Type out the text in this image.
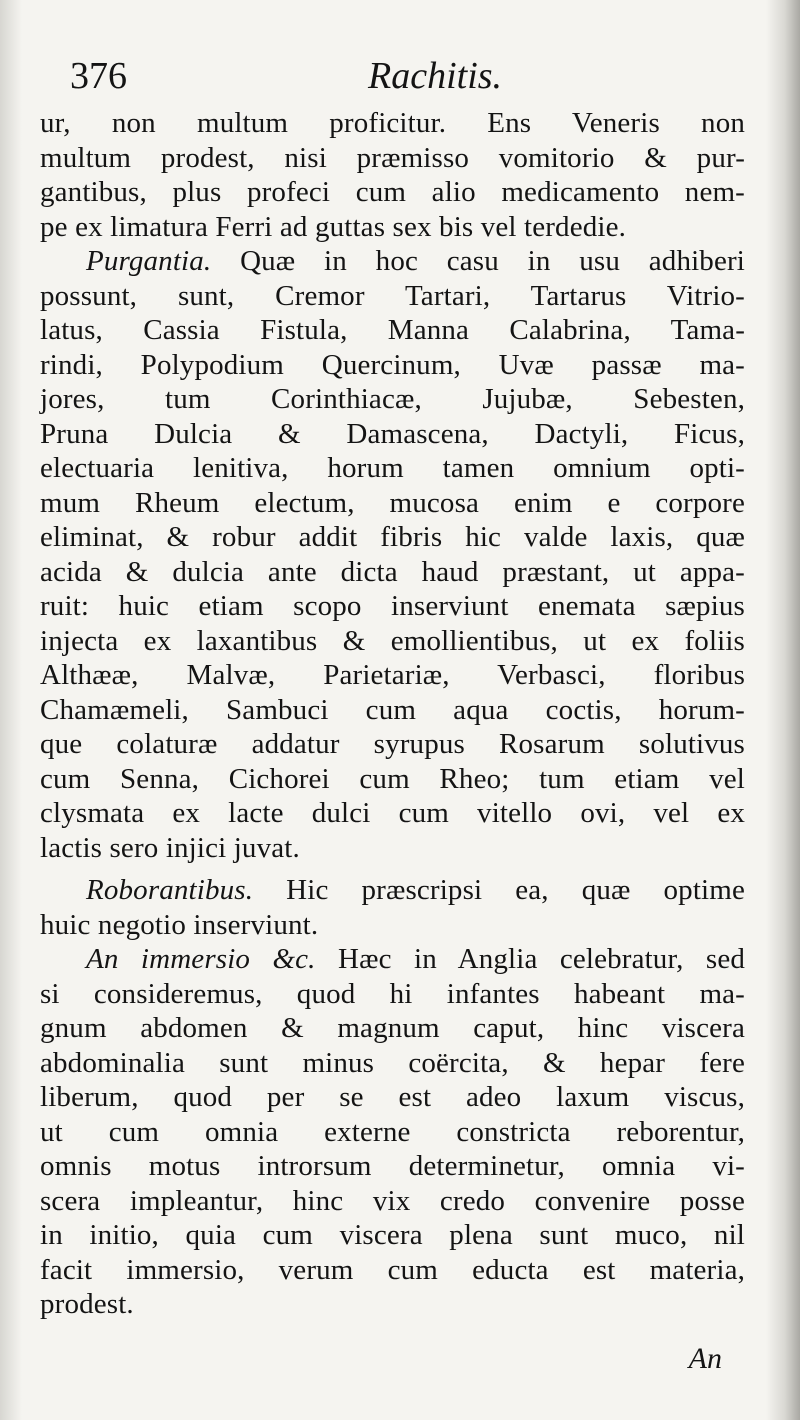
376	Rachitis.
ur, non multum proficitur. Ens Veneris non
multum prodest, nisi præmisso vomitorio & pur-
gantibus, plus profeci cum alio medicamento nem-
pe ex limatura Ferri ad guttas sex bis vel terdedie.
Purgantia. Quæ in hoc casu in usu adhiberi
possunt, sunt, Cremor Tartari, Tartarus Vitrio-
latus, Cassia Fistula, Manna Calabrina, Tama-
rindi, Polypodium Quercinum, Uvæ passæ ma-
jores, tum Corinthiacæ, Jujubæ, Sebesten,
Pruna Dulcia & Damascena, Dactyli, Ficus,
electuaria lenitiva, horum tamen omnium opti-
mum Rheum electum, mucosa enim e corpore
eliminat, & robur addit fibris hic valde laxis, quæ
acida & dulcia ante dicta haud præstant, ut appa-
ruit: huic etiam scopo inserviunt enemata sæpius
injecta ex laxantibus & emollientibus, ut ex foliis
Althææ, Malvæ, Parietariæ, Verbasci, floribus
Chamæmeli, Sambuci cum aqua coctis, horum-
que colaturæ addatur syrupus Rosarum solutivus
cum Senna, Cichorei cum Rheo; tum etiam vel
clysmata ex lacte dulci cum vitello ovi, vel ex
lactis sero injici juvat.
Roborantibus. Hic præscripsi ea, quæ optime
huic negotio inserviunt.
An immersio &c. Hæc in Anglia celebratur, sed
si consideremus, quod hi infantes habeant ma-
gnum abdomen & magnum caput, hinc viscera
abdominalia sunt minus coërcita, & hepar fere
liberum, quod per se est adeo laxum viscus,
ut cum omnia externe constricta reborentur,
omnis motus introrsum determinetur, omnia vi-
scera impleantur, hinc vix credo convenire posse
in initio, quia cum viscera plena sunt muco, nil
facit immersio, verum cum educta est materia,
prodest.
An
